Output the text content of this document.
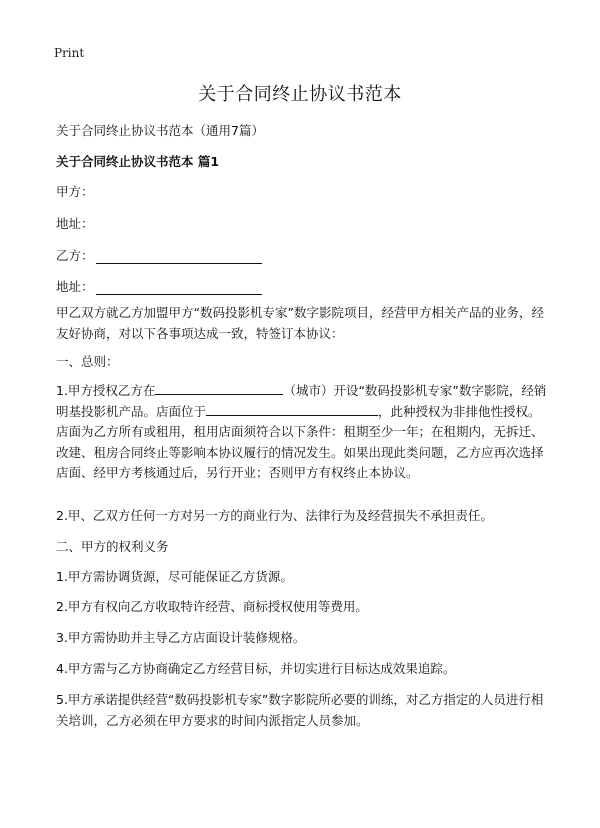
Print
关于合同终止协议书范本
关于合同终止协议书范本（通用7篇）
关于合同终止协议书范本 篇1
甲方：
地址：
乙方：
地址：

甲乙双方就乙方加盟甲方“数码投影机专家”数字影院项目，经营甲方相关产品的业务，经友好协商，对以下各事项达成一致，特签订本协议：

一、总则：

1.甲方授权乙方在	（城市）开设“数码投影机专家”数字影院，经销明基投影机产品。店面位于	，此种授权为非排他性授权。店面为乙方所有或租用，租用店面须符合以下条件：租期至少一年；在租期内，无拆迁、改建、租房合同终止等影响本协议履行的情况发生。如果出现此类问题，乙方应再次选择店面、经甲方考核通过后，另行开业；否则甲方有权终止本协议。

2.甲、乙双方任何一方对另一方的商业行为、法律行为及经营损失不承担责任。

二、甲方的权利义务

1.甲方需协调货源，尽可能保证乙方货源。

2.甲方有权向乙方收取特许经营、商标授权使用等费用。

3.甲方需协助并主导乙方店面设计装修规格。

4.甲方需与乙方协商确定乙方经营目标，并切实进行目标达成效果追踪。

5.甲方承诺提供经营“数码投影机专家”数字影院所必要的训练，对乙方指定的人员进行相关培训，乙方必须在甲方要求的时间内派指定人员参加。
